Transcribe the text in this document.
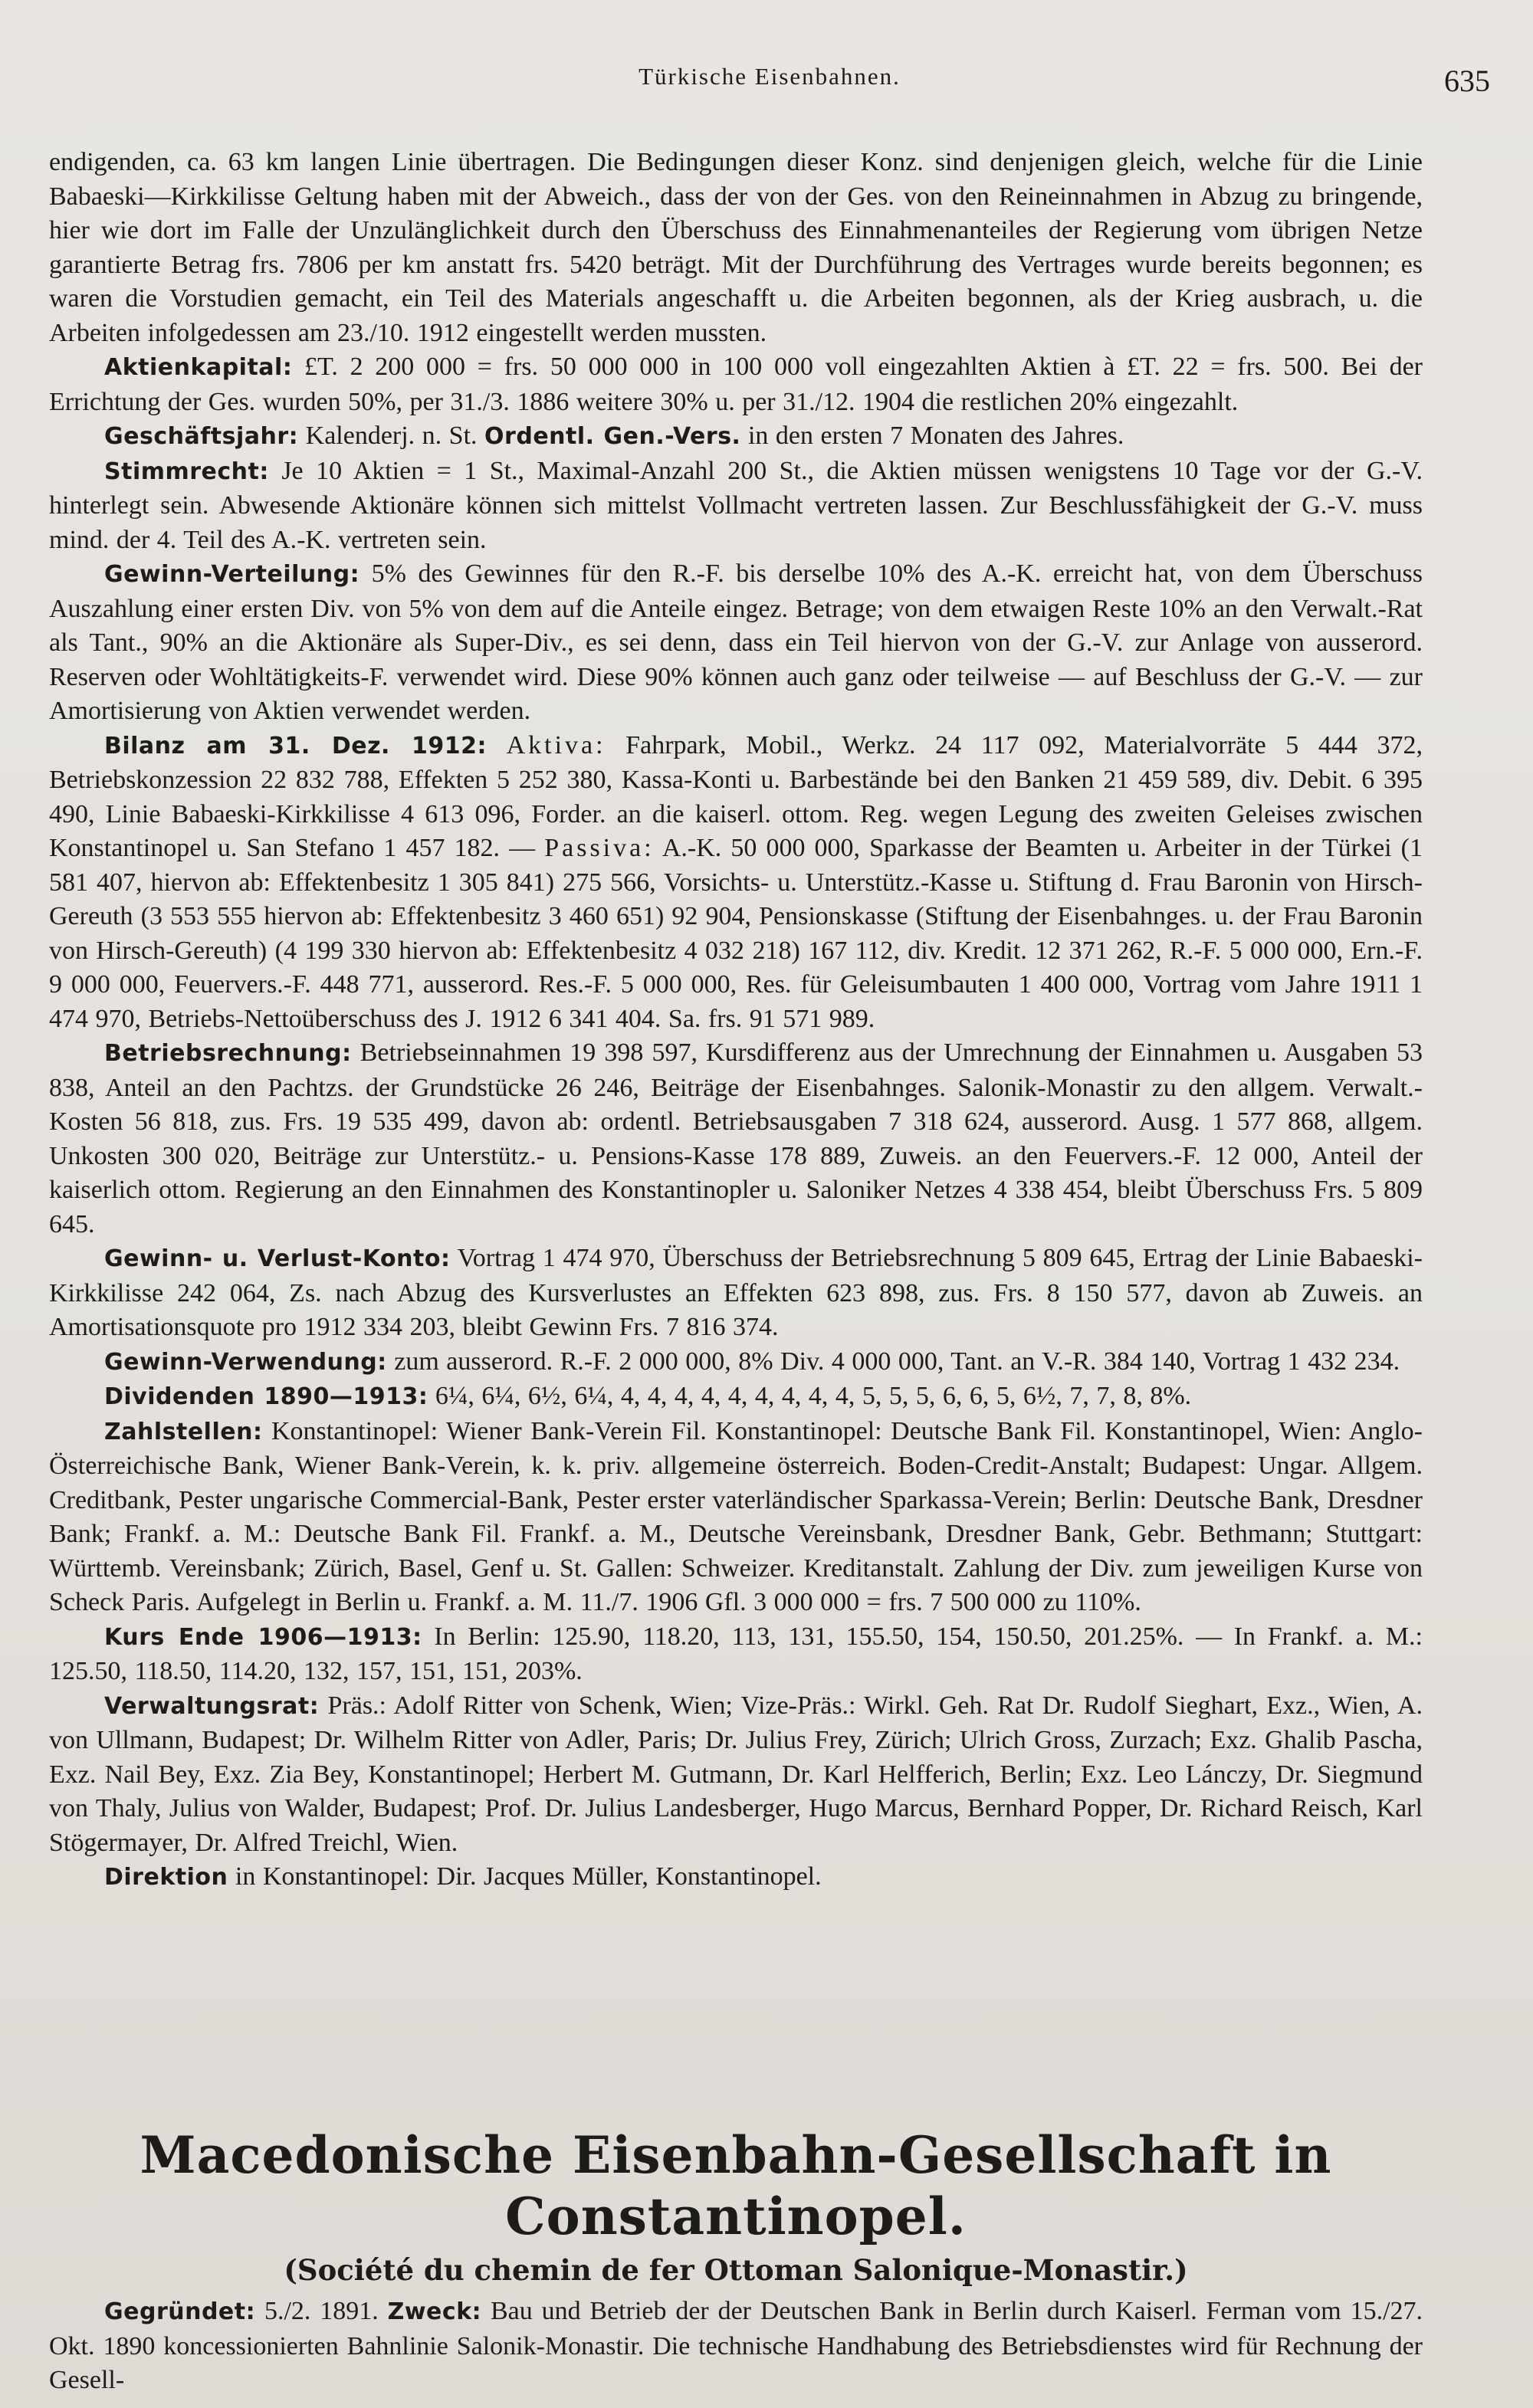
Türkische Eisenbahnen.	635

endigenden, ca. 63 km langen Linie übertragen. Die Bedingungen dieser Konz. sind denjenigen gleich, welche für die Linie Babaeski—Kirkkilisse Geltung haben mit der Abweich., dass der von der Ges. von den Reineinnahmen in Abzug zu bringende, hier wie dort im Falle der Unzulänglichkeit durch den Überschuss des Einnahmenanteiles der Regierung vom übrigen Netze garantierte Betrag frs. 7806 per km anstatt frs. 5420 beträgt. Mit der Durchführung des Vertrages wurde bereits begonnen; es waren die Vorstudien gemacht, ein Teil des Materials angeschafft u. die Arbeiten begonnen, als der Krieg ausbrach, u. die Arbeiten infolgedessen am 23./10. 1912 eingestellt werden mussten.

Aktienkapital: £T. 2 200 000 = frs. 50 000 000 in 100 000 voll eingezahlten Aktien à £T. 22 = frs. 500. Bei der Errichtung der Ges. wurden 50%, per 31./3. 1886 weitere 30% u. per 31./12. 1904 die restlichen 20% eingezahlt.

Geschäftsjahr: Kalenderj. n. St. Ordentl. Gen.-Vers. in den ersten 7 Monaten des Jahres.

Stimmrecht: Je 10 Aktien = 1 St., Maximal-Anzahl 200 St., die Aktien müssen wenigstens 10 Tage vor der G.-V. hinterlegt sein. Abwesende Aktionäre können sich mittelst Vollmacht vertreten lassen. Zur Beschlussfähigkeit der G.-V. muss mind. der 4. Teil des A.-K. vertreten sein.

Gewinn-Verteilung: 5% des Gewinnes für den R.-F. bis derselbe 10% des A.-K. erreicht hat, von dem Überschuss Auszahlung einer ersten Div. von 5% von dem auf die Anteile eingez. Betrage; von dem etwaigen Reste 10% an den Verwalt.-Rat als Tant., 90% an die Aktionäre als Super-Div., es sei denn, dass ein Teil hiervon von der G.-V. zur Anlage von ausserord. Reserven oder Wohltätigkeits-F. verwendet wird. Diese 90% können auch ganz oder teilweise — auf Beschluss der G.-V. — zur Amortisierung von Aktien verwendet werden.

Bilanz am 31. Dez. 1912: Aktiva: Fahrpark, Mobil., Werkz. 24 117 092, Materialvorräte 5 444 372, Betriebskonzession 22 832 788, Effekten 5 252 380, Kassa-Konti u. Barbestände bei den Banken 21 459 589, div. Debit. 6 395 490, Linie Babaeski-Kirkkilisse 4 613 096, Forder. an die kaiserl. ottom. Reg. wegen Legung des zweiten Geleises zwischen Konstantinopel u. San Stefano 1 457 182. — Passiva: A.-K. 50 000 000, Sparkasse der Beamten u. Arbeiter in der Türkei (1 581 407, hiervon ab: Effektenbesitz 1 305 841) 275 566, Vorsichts- u. Unterstütz.-Kasse u. Stiftung d. Frau Baronin von Hirsch-Gereuth (3 553 555 hiervon ab: Effektenbesitz 3 460 651) 92 904, Pensionskasse (Stiftung der Eisenbahnges. u. der Frau Baronin von Hirsch-Gereuth) (4 199 330 hiervon ab: Effektenbesitz 4 032 218) 167 112, div. Kredit. 12 371 262, R.-F. 5 000 000, Ern.-F. 9 000 000, Feuervers.-F. 448 771, ausserord. Res.-F. 5 000 000, Res. für Geleisumbauten 1 400 000, Vortrag vom Jahre 1911 1 474 970, Betriebs-Nettoüberschuss des J. 1912 6 341 404. Sa. frs. 91 571 989.

Betriebsrechnung: Betriebseinnahmen 19 398 597, Kursdifferenz aus der Umrechnung der Einnahmen u. Ausgaben 53 838, Anteil an den Pachtzs. der Grundstücke 26 246, Beiträge der Eisenbahnges. Salonik-Monastir zu den allgem. Verwalt.-Kosten 56 818, zus. Frs. 19 535 499, davon ab: ordentl. Betriebsausgaben 7 318 624, ausserord. Ausg. 1 577 868, allgem. Unkosten 300 020, Beiträge zur Unterstütz.- u. Pensions-Kasse 178 889, Zuweis. an den Feuervers.-F. 12 000, Anteil der kaiserlich ottom. Regierung an den Einnahmen des Konstantinopler u. Saloniker Netzes 4 338 454, bleibt Überschuss Frs. 5 809 645.

Gewinn- u. Verlust-Konto: Vortrag 1 474 970, Überschuss der Betriebsrechnung 5 809 645, Ertrag der Linie Babaeski-Kirkkilisse 242 064, Zs. nach Abzug des Kursverlustes an Effekten 623 898, zus. Frs. 8 150 577, davon ab Zuweis. an Amortisationsquote pro 1912 334 203, bleibt Gewinn Frs. 7 816 374.

Gewinn-Verwendung: zum ausserord. R.-F. 2 000 000, 8% Div. 4 000 000, Tant. an V.-R. 384 140, Vortrag 1 432 234.

Dividenden 1890—1913: 6¼, 6¼, 6½, 6¼, 4, 4, 4, 4, 4, 4, 4, 4, 4, 5, 5, 5, 6, 6, 5, 6½, 7, 7, 8, 8%.

Zahlstellen: Konstantinopel: Wiener Bank-Verein Fil. Konstantinopel: Deutsche Bank Fil. Konstantinopel, Wien: Anglo-Österreichische Bank, Wiener Bank-Verein, k. k. priv. allgemeine österreich. Boden-Credit-Anstalt; Budapest: Ungar. Allgem. Creditbank, Pester ungarische Commercial-Bank, Pester erster vaterländischer Sparkassa-Verein; Berlin: Deutsche Bank, Dresdner Bank; Frankf. a. M.: Deutsche Bank Fil. Frankf. a. M., Deutsche Vereinsbank, Dresdner Bank, Gebr. Bethmann; Stuttgart: Württemb. Vereinsbank; Zürich, Basel, Genf u. St. Gallen: Schweizer. Kreditanstalt. Zahlung der Div. zum jeweiligen Kurse von Scheck Paris. Aufgelegt in Berlin u. Frankf. a. M. 11./7. 1906 Gfl. 3 000 000 = frs. 7 500 000 zu 110%.

Kurs Ende 1906—1913: In Berlin: 125.90, 118.20, 113, 131, 155.50, 154, 150.50, 201.25%. — In Frankf. a. M.: 125.50, 118.50, 114.20, 132, 157, 151, 151, 203%.

Verwaltungsrat: Präs.: Adolf Ritter von Schenk, Wien; Vize-Präs.: Wirkl. Geh. Rat Dr. Rudolf Sieghart, Exz., Wien, A. von Ullmann, Budapest; Dr. Wilhelm Ritter von Adler, Paris; Dr. Julius Frey, Zürich; Ulrich Gross, Zurzach; Exz. Ghalib Pascha, Exz. Nail Bey, Exz. Zia Bey, Konstantinopel; Herbert M. Gutmann, Dr. Karl Helfferich, Berlin; Exz. Leo Lánczy, Dr. Siegmund von Thaly, Julius von Walder, Budapest; Prof. Dr. Julius Landesberger, Hugo Marcus, Bernhard Popper, Dr. Richard Reisch, Karl Stögermayer, Dr. Alfred Treichl, Wien.

Direktion in Konstantinopel: Dir. Jacques Müller, Konstantinopel.

Macedonische Eisenbahn-Gesellschaft in Constantinopel.
(Société du chemin de fer Ottoman Salonique-Monastir.)

Gegründet: 5./2. 1891. Zweck: Bau und Betrieb der der Deutschen Bank in Berlin durch Kaiserl. Ferman vom 15./27. Okt. 1890 koncessionierten Bahnlinie Salonik-Monastir. Die technische Handhabung des Betriebsdienstes wird für Rechnung der Gesell-
